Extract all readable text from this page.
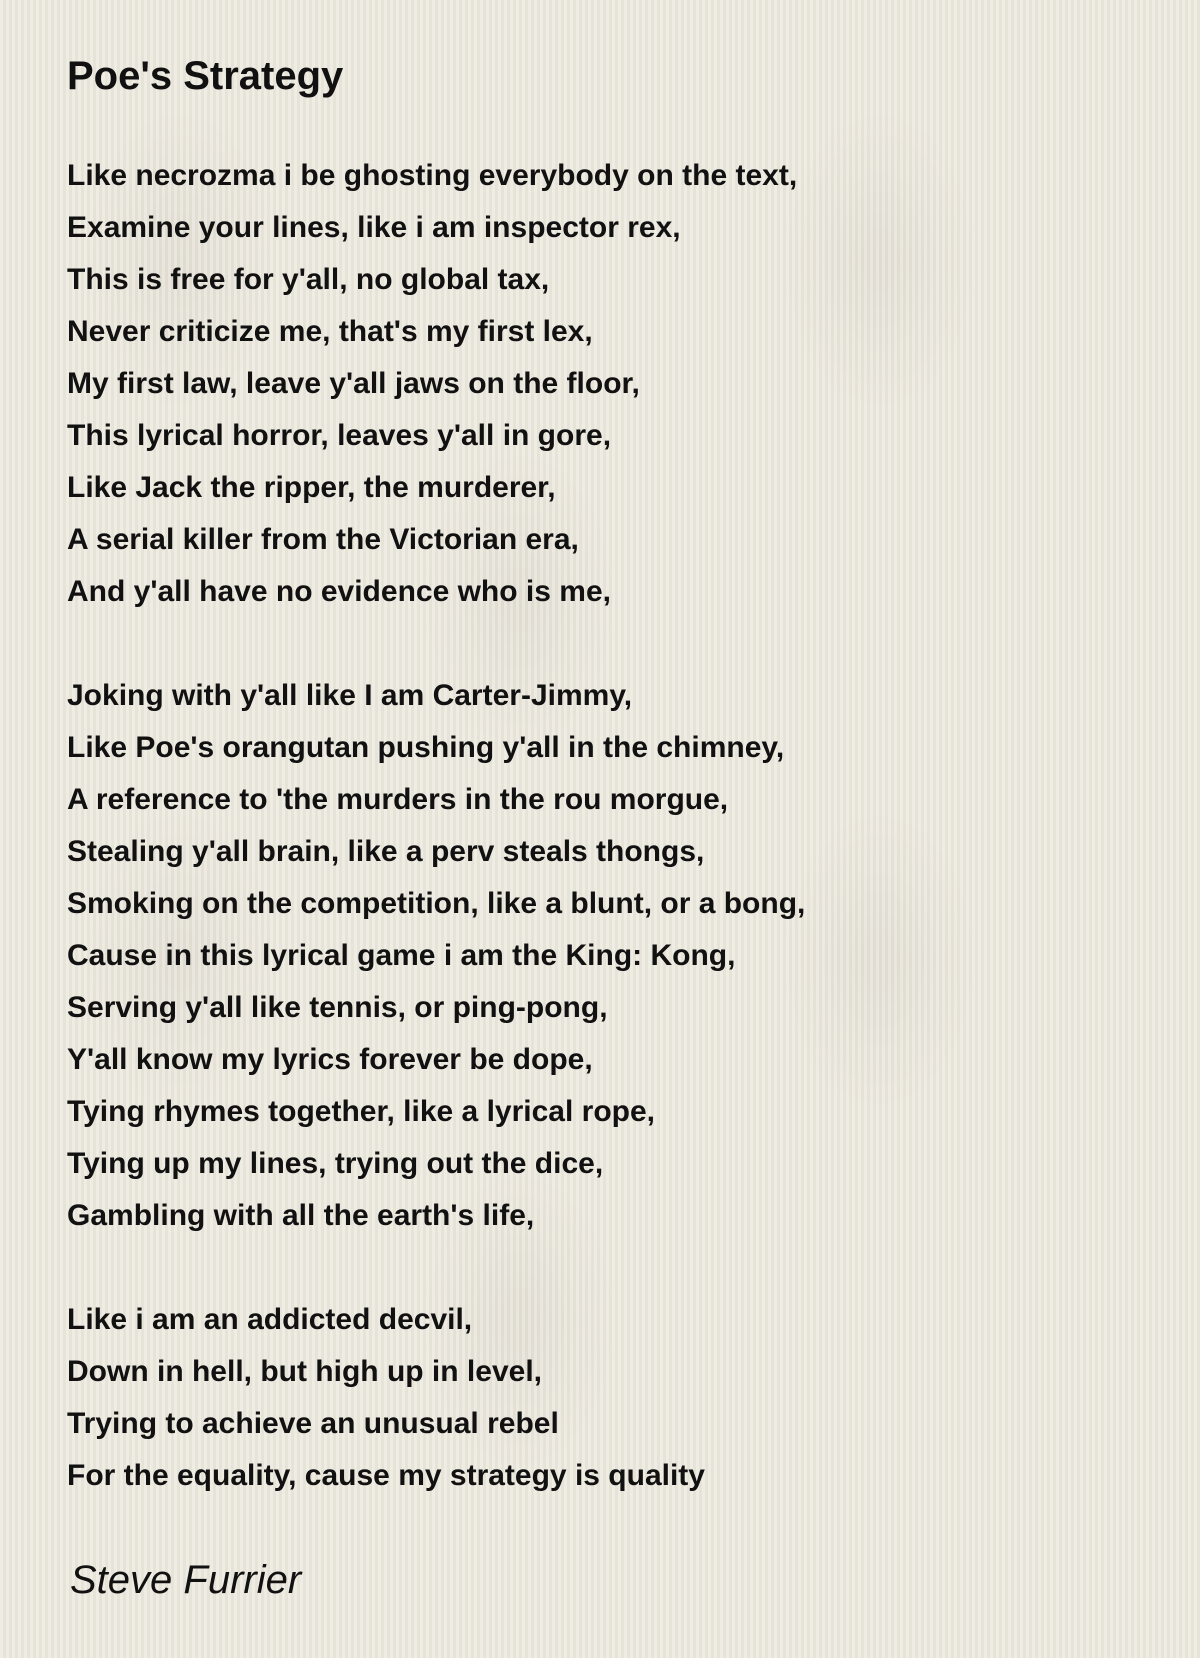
Poe's Strategy
Like necrozma i be ghosting everybody on the text,
Examine your lines, like i am inspector rex,
This is free for y'all, no global tax,
Never criticize me, that's my first lex,
My first law, leave y'all jaws on the floor,
This lyrical horror, leaves y'all in gore,
Like Jack the ripper, the murderer,
A serial killer from the Victorian era,
And y'all have no evidence who is me,
Joking with y'all like I am Carter-Jimmy,
Like Poe's orangutan pushing y'all in the chimney,
A reference to 'the murders in the rou morgue,
Stealing y'all brain, like a perv steals thongs,
Smoking on the competition, like a blunt, or a bong,
Cause in this lyrical game i am the King: Kong,
Serving y'all like tennis, or ping-pong,
Y'all know my lyrics forever be dope,
Tying rhymes together, like a lyrical rope,
Tying up my lines, trying out the dice,
Gambling with all the earth's life,
Like i am an addicted decvil,
Down in hell, but high up in level,
Trying to achieve an unusual rebel
For the equality, cause my strategy is quality
Steve Furrier
